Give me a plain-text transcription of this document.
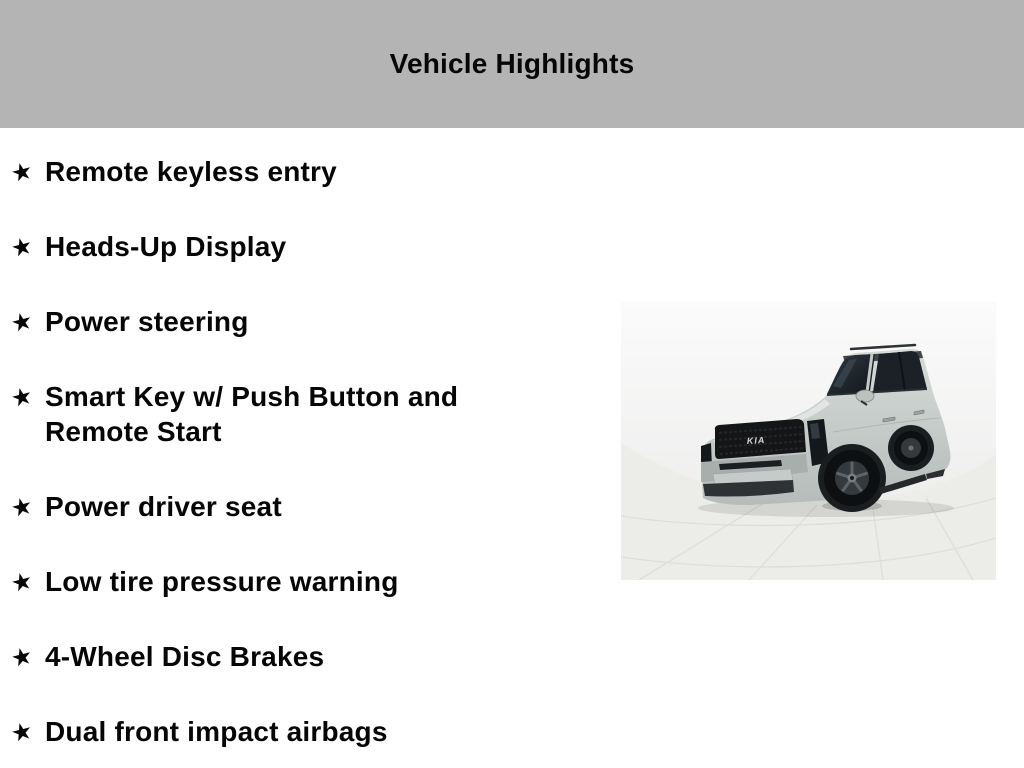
Vehicle Highlights
★ Remote keyless entry
★ Heads-Up Display
★ Power steering
★ Smart Key w/ Push Button and Remote Start
★ Power driver seat
★ Low tire pressure warning
★ 4-Wheel Disc Brakes
★ Dual front impact airbags
KIA
